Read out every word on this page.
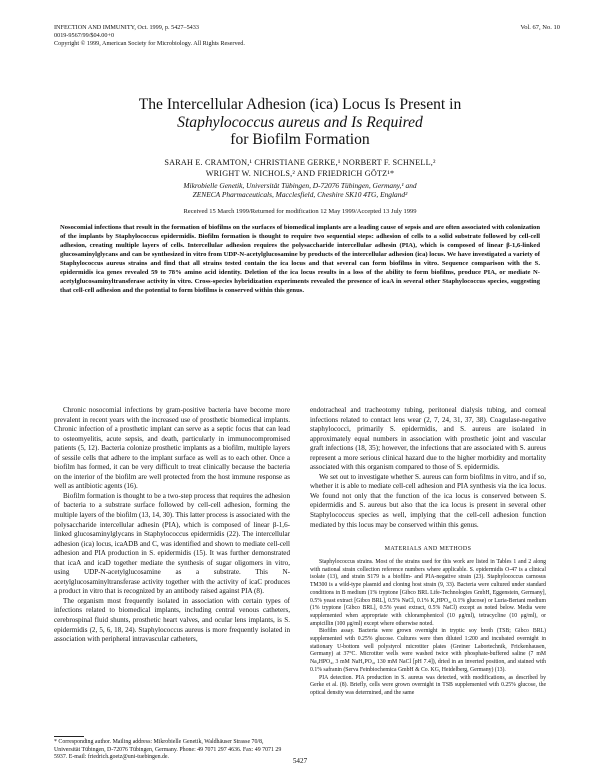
INFECTION AND IMMUNITY, Oct. 1999, p. 5427–5433
0019-9567/99/$04.00+0
Copyright © 1999, American Society for Microbiology. All Rights Reserved.
Vol. 67, No. 10
The Intercellular Adhesion (ica) Locus Is Present in
Staphylococcus aureus and Is Required
for Biofilm Formation
SARAH E. CRAMTON,¹ CHRISTIANE GERKE,¹ NORBERT F. SCHNELL,²
WRIGHT W. NICHOLS,² AND FRIEDRICH GÖTZ¹*
Mikrobielle Genetik, Universität Tübingen, D-72076 Tübingen, Germany,¹ and
ZENECA Pharmaceuticals, Macclesfield, Cheshire SK10 4TG, England²
Received 15 March 1999/Returned for modification 12 May 1999/Accepted 13 July 1999
Nosocomial infections that result in the formation of biofilms on the surfaces of biomedical implants are a leading cause of sepsis and are often associated with colonization of the implants by Staphylococcus epidermidis. Biofilm formation is thought to require two sequential steps: adhesion of cells to a solid substrate followed by cell-cell adhesion, creating multiple layers of cells. Intercellular adhesion requires the polysaccharide intercellular adhesin (PIA), which is composed of linear β-1,6-linked glucosaminylglycans and can be synthesized in vitro from UDP-N-acetylglucosamine by products of the intercellular adhesion (ica) locus. We have investigated a variety of Staphylococcus aureus strains and find that all strains tested contain the ica locus and that several can form biofilms in vitro. Sequence comparison with the S. epidermidis ica genes revealed 59 to 78% amino acid identity. Deletion of the ica locus results in a loss of the ability to form biofilms, produce PIA, or mediate N-acetylglucosaminyltransferase activity in vitro. Cross-species hybridization experiments revealed the presence of icaA in several other Staphylococcus species, suggesting that cell-cell adhesion and the potential to form biofilms is conserved within this genus.

Chronic nosocomial infections by gram-positive bacteria have become more prevalent in recent years with the increased use of prosthetic biomedical implants. Chronic infection of a prosthetic implant can serve as a septic focus that can lead to osteomyelitis, acute sepsis, and death, particularly in immunocompromised patients (5, 12). Bacteria colonize prosthetic implants as a biofilm, multiple layers of sessile cells that adhere to the implant surface as well as to each other. Once a biofilm has formed, it can be very difficult to treat clinically because the bacteria on the interior of the biofilm are well protected from the host immune response as well as antibiotic agents (16).

Biofilm formation is thought to be a two-step process that requires the adhesion of bacteria to a substrate surface followed by cell-cell adhesion, forming the multiple layers of the biofilm (13, 14, 30). This latter process is associated with the polysaccharide intercellular adhesin (PIA), which is composed of linear β-1,6-linked glucosaminylglycans in Staphylococcus epidermidis (22). The intercellular adhesion (ica) locus, icaADB and C, was identified and shown to mediate cell-cell adhesion and PIA production in S. epidermidis (15). It was further demonstrated that icaA and icaD together mediate the synthesis of sugar oligomers in vitro, using UDP-N-acetylglucosamine as a substrate. This N-acetylglucosaminyltransferase activity together with the activity of icaC produces a product in vitro that is recognized by an antibody raised against PIA (8).

The organism most frequently isolated in association with certain types of infections related to biomedical implants, including central venous catheters, cerebrospinal fluid shunts, prosthetic heart valves, and ocular lens implants, is S. epidermidis (2, 5, 6, 18, 24). Staphylococcus aureus is more frequently isolated in association with peripheral intravascular catheters,

endotracheal and tracheotomy tubing, peritoneal dialysis tubing, and corneal infections related to contact lens wear (2, 7, 24, 31, 37, 38). Coagulase-negative staphylococci, primarily S. epidermidis, and S. aureus are isolated in approximately equal numbers in association with prosthetic joint and vascular graft infections (18, 35); however, the infections that are associated with S. aureus represent a more serious clinical hazard due to the higher morbidity and mortality associated with this organism compared to those of S. epidermidis.

We set out to investigate whether S. aureus can form biofilms in vitro, and if so, whether it is able to mediate cell-cell adhesion and PIA synthesis via the ica locus. We found not only that the function of the ica locus is conserved between S. epidermidis and S. aureus but also that the ica locus is present in several other Staphylococcus species as well, implying that the cell-cell adhesion function mediated by this locus may be conserved within this genus.

MATERIALS AND METHODS

Staphylococcus strains. Most of the strains used for this work are listed in Tables 1 and 2 along with national strain collection reference numbers where applicable. S. epidermidis O-47 is a clinical isolate (13), and strain S179 is a biofilm- and PIA-negative strain (23). Staphylococcus carnosus TM300 is a wild-type plasmid and cloning host strain (9, 33). Bacteria were cultured under standard conditions in B medium (1% tryptone [Gibco BRL Life-Technologies GmbH, Eggenstein, Germany], 0.5% yeast extract [Gibco BRL], 0.5% NaCl, 0.1% K₂HPO₄, 0.1% glucose) or Luria-Bertani medium (1% tryptone [Gibco BRL], 0.5% yeast extract, 0.5% NaCl) except as noted below. Media were supplemented when appropriate with chloramphenicol (10 μg/ml), tetracycline (10 μg/ml), or ampicillin (100 μg/ml) except where otherwise noted.

Biofilm assay. Bacteria were grown overnight in tryptic soy broth (TSB; Gibco BRL) supplemented with 0.25% glucose. Cultures were then diluted 1:200 and incubated overnight in stationary U-bottom well polystyrol microtiter plates (Greiner Labortechnik, Frickenhausen, Germany) at 37°C. Microtiter wells were washed twice with phosphate-buffered saline (7 mM Na₂HPO₄, 3 mM NaH₂PO₄, 130 mM NaCl [pH 7.4]), dried in an inverted position, and stained with 0.1% safranin (Serva Feinbiochemica GmbH & Co. KG, Heidelberg, Germany) (13).

PIA detection. PIA production in S. aureus was detected, with modifications, as described by Gerke et al. (8). Briefly, cells were grown overnight in TSB supplemented with 0.25% glucose, the optical density was determined, and the same

* Corresponding author. Mailing address: Mikrobielle Genetik, Waldhäuser Strasse 70/8, Universität Tübingen, D-72076 Tübingen, Germany. Phone: 49 7071 297 4636. Fax: 49 7071 29 5937. E-mail: friedrich.goetz@uni-tuebingen.de.	5427
